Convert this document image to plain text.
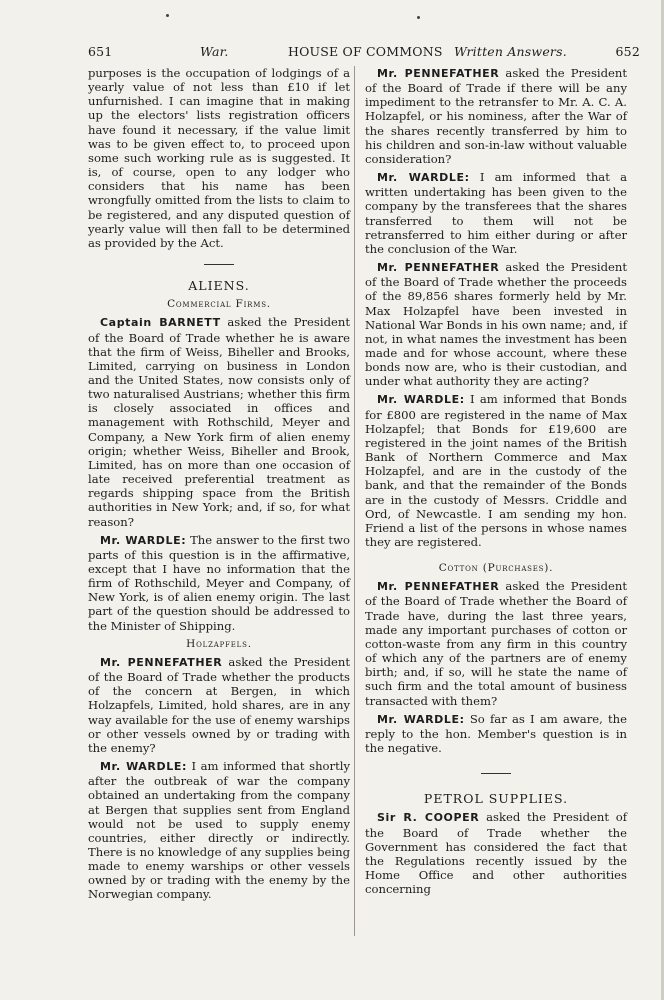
651	War.	HOUSE OF COMMONS Written Answers.	652

purposes is the occupation of lodgings of a yearly value of not less than £10 if let unfurnished. I can imagine that in making up the electors' lists registration officers have found it necessary, if the value limit was to be given effect to, to proceed upon some such working rule as is suggested. It is, of course, open to any lodger who considers that his name has been wrongfully omitted from the lists to claim to be registered, and any disputed question of yearly value will then fall to be determined as provided by the Act.

ALIENS.

Commercial Firms.

Captain BARNETT asked the President of the Board of Trade whether he is aware that the firm of Weiss, Biheller and Brooks, Limited, carrying on business in London and the United States, now consists only of two naturalised Austrians; whether this firm is closely associated in offices and management with Rothschild, Meyer and Company, a New York firm of alien enemy origin; whether Weiss, Biheller and Brook, Limited, has on more than one occasion of late received preferential treatment as regards shipping space from the British authorities in New York; and, if so, for what reason?

Mr. WARDLE: The answer to the first two parts of this question is in the affirmative, except that I have no information that the firm of Rothschild, Meyer and Company, of New York, is of alien enemy origin. The last part of the question should be addressed to the Minister of Shipping.

Holzapfels.

Mr. PENNEFATHER asked the President of the Board of Trade whether the products of the concern at Bergen, in which Holzapfels, Limited, hold shares, are in any way available for the use of enemy warships or other vessels owned by or trading with the enemy?

Mr. WARDLE: I am informed that shortly after the outbreak of war the company obtained an undertaking from the company at Bergen that supplies sent from England would not be used to supply enemy countries, either directly or indirectly. There is no knowledge of any supplies being made to enemy warships or other vessels owned by or trading with the enemy by the Norwegian company.

Mr. PENNEFATHER asked the President of the Board of Trade if there will be any impediment to the retransfer to Mr. A. C. A. Holzapfel, or his nominess, after the War of the shares recently transferred by him to his children and son-in-law without valuable consideration?

Mr. WARDLE: I am informed that a written undertaking has been given to the company by the transferees that the shares transferred to them will not be retransferred to him either during or after the conclusion of the War.

Mr. PENNEFATHER asked the President of the Board of Trade whether the proceeds of the 89,856 shares formerly held by Mr. Max Holzapfel have been invested in National War Bonds in his own name; and, if not, in what names the investment has been made and for whose account, where these bonds now are, who is their custodian, and under what authority they are acting?

Mr. WARDLE: I am informed that Bonds for £800 are registered in the name of Max Holzapfel; that Bonds for £19,600 are registered in the joint names of the British Bank of Northern Commerce and Max Holzapfel, and are in the custody of the bank, and that the remainder of the Bonds are in the custody of Messrs. Criddle and Ord, of Newcastle. I am sending my hon. Friend a list of the persons in whose names they are registered.

Cotton (Purchases).

Mr. PENNEFATHER asked the President of the Board of Trade whether the Board of Trade have, during the last three years, made any important purchases of cotton or cotton-waste from any firm in this country of which any of the partners are of enemy birth; and, if so, will he state the name of such firm and the total amount of business transacted with them?

Mr. WARDLE: So far as I am aware, the reply to the hon. Member's question is in the negative.

PETROL SUPPLIES.

Sir R. COOPER asked the President of the Board of Trade whether the Government has considered the fact that the Regulations recently issued by the Home Office and other authorities concerning
